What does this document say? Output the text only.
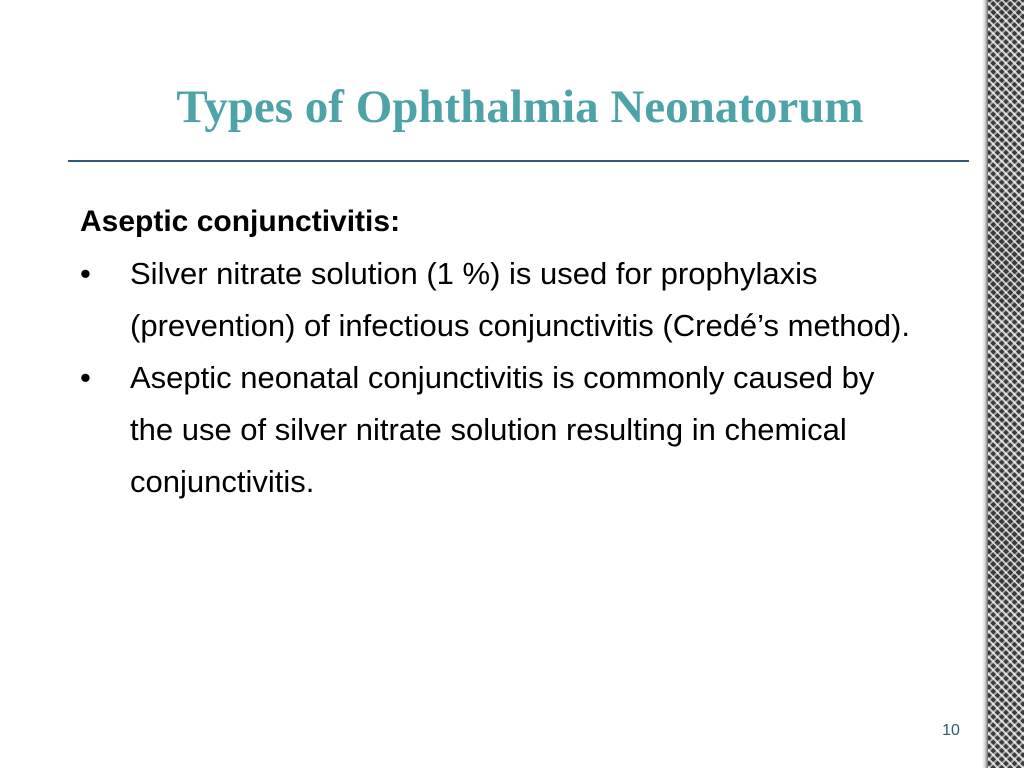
Types of Ophthalmia Neonatorum

Aseptic conjunctivitis:

• Silver nitrate solution (1 %) is used for prophylaxis (prevention) of infectious conjunctivitis (Credé’s method).
• Aseptic neonatal conjunctivitis is commonly caused by the use of silver nitrate solution resulting in chemical conjunctivitis.
10
